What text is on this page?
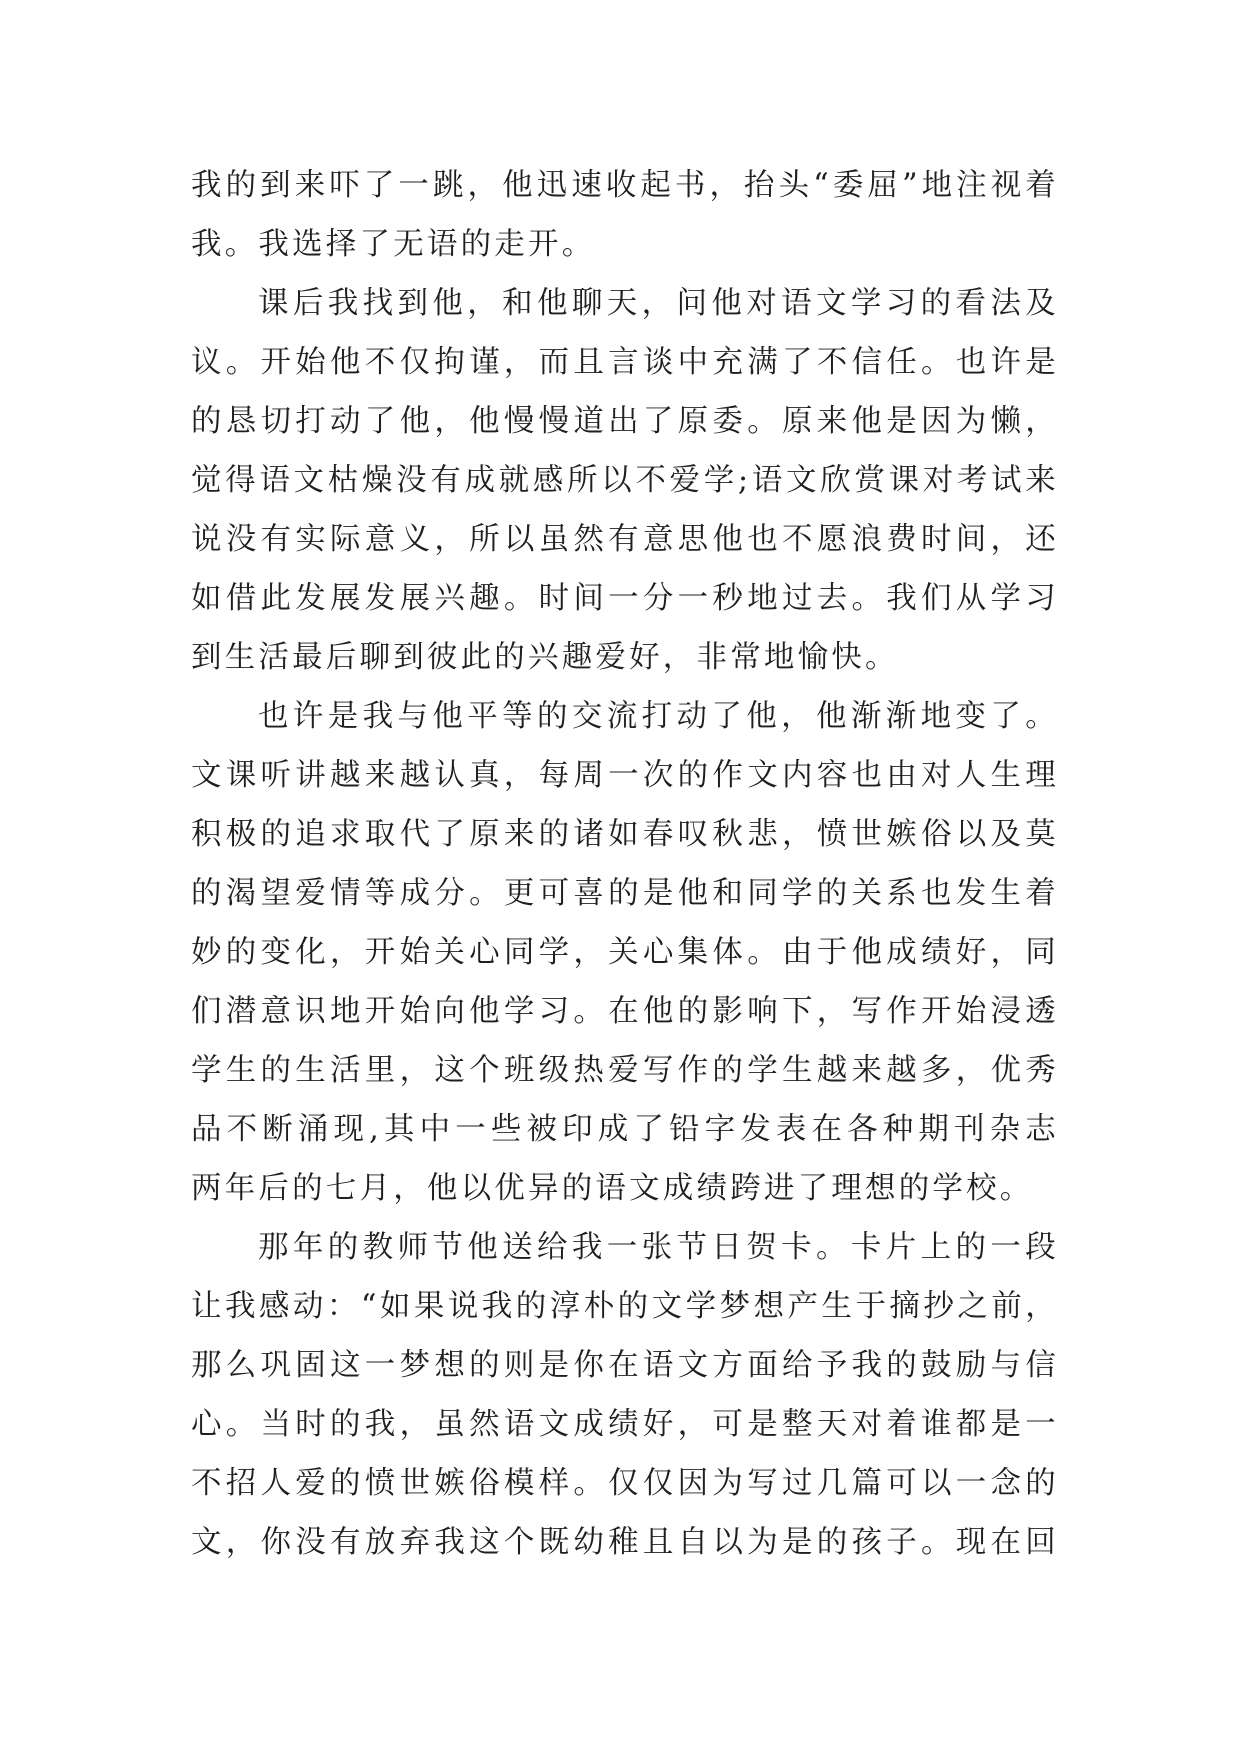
我的到来吓了一跳，他迅速收起书，抬头“委屈”地注视着
我。我选择了无语的走开。
课后我找到他，和他聊天，问他对语文学习的看法及
议。开始他不仅拘谨，而且言谈中充满了不信任。也许是
的恳切打动了他，他慢慢道出了原委。原来他是因为懒，
觉得语文枯燥没有成就感所以不爱学;语文欣赏课对考试来
说没有实际意义，所以虽然有意思他也不愿浪费时间，还
如借此发展发展兴趣。时间一分一秒地过去。我们从学习
到生活最后聊到彼此的兴趣爱好，非常地愉快。
也许是我与他平等的交流打动了他，他渐渐地变了。
文课听讲越来越认真，每周一次的作文内容也由对人生理
积极的追求取代了原来的诸如春叹秋悲，愤世嫉俗以及莫
的渴望爱情等成分。更可喜的是他和同学的关系也发生着
妙的变化，开始关心同学，关心集体。由于他成绩好，同
们潜意识地开始向他学习。在他的影响下，写作开始浸透
学生的生活里，这个班级热爱写作的学生越来越多，优秀
品不断涌现,其中一些被印成了铅字发表在各种期刊杂志
两年后的七月，他以优异的语文成绩跨进了理想的学校。
那年的教师节他送给我一张节日贺卡。卡片上的一段
让我感动：“如果说我的淳朴的文学梦想产生于摘抄之前，
那么巩固这一梦想的则是你在语文方面给予我的鼓励与信
心。当时的我，虽然语文成绩好，可是整天对着谁都是一
不招人爱的愤世嫉俗模样。仅仅因为写过几篇可以一念的
文，你没有放弃我这个既幼稚且自以为是的孩子。现在回
